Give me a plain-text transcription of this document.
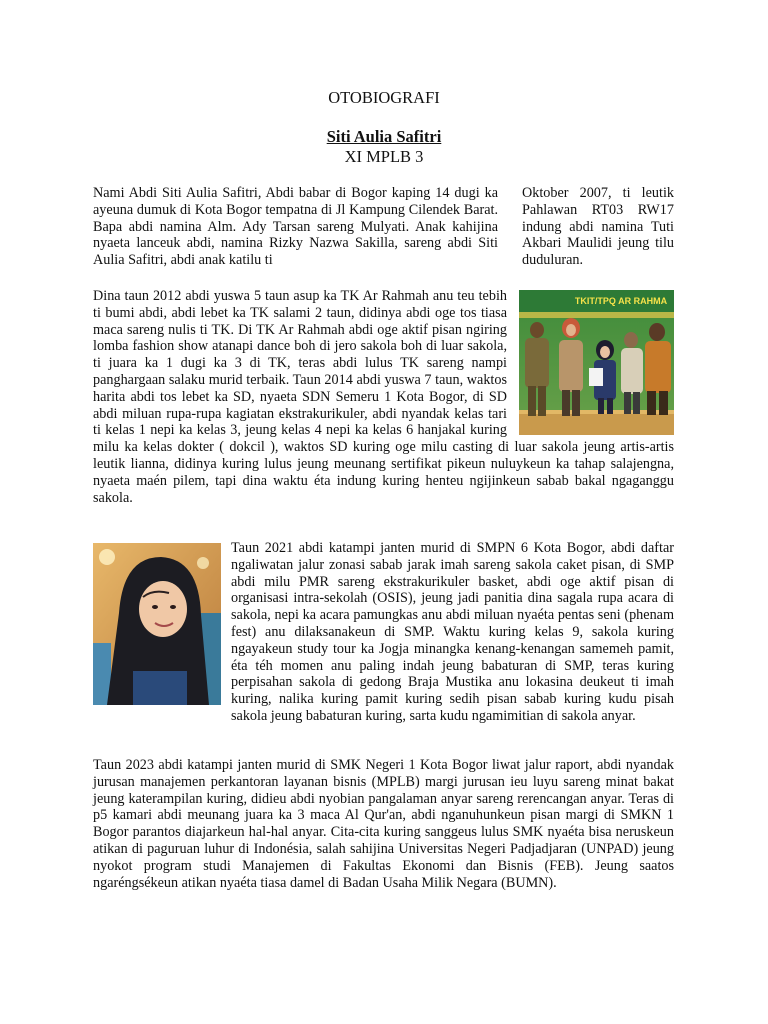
OTOBIOGRAFI
Siti Aulia Safitri
XI MPLB 3

Nami Abdi Siti Aulia Safitri, Abdi babar di Bogor kaping 14 dugi ka ayeuna dumuk di Kota Bogor tempatna di Jl Kampung Cilendek Barat. Bapa abdi namina Alm. Ady Tarsan sareng Mulyati. Anak kahijina nyaeta lanceuk abdi, namina Rizky Nazwa Sakilla, sareng abdi Siti Aulia Safitri, abdi anak katilu ti

Oktober 2007, ti leutik Pahlawan RT03 RW17 indung abdi namina Tuti Akbari Maulidi jeung tilu duduluran.

TKIT/TPQ AR RAHMA
Dina taun 2012 abdi yuswa 5 taun asup ka TK Ar Rahmah anu teu tebih ti bumi abdi, abdi lebet ka TK salami 2 taun, didinya abdi oge tos tiasa maca sareng nulis ti TK. Di TK Ar Rahmah abdi oge aktif pisan ngiring lomba fashion show atanapi dance boh di jero sakola boh di luar sakola, ti juara ka 1 dugi ka 3 di TK, teras abdi lulus TK sareng nampi panghargaan salaku murid terbaik. Taun 2014 abdi yuswa 7 taun, waktos harita abdi tos lebet ka SD, nyaeta SDN Semeru 1 Kota Bogor, di SD abdi miluan rupa-rupa kagiatan ekstrakurikuler, abdi nyandak kelas tari ti kelas 1 nepi ka kelas 3, jeung kelas 4 nepi ka kelas 6 hanjakal kuring milu ka kelas dokter ( dokcil ), waktos SD kuring oge milu casting di luar sakola jeung artis-artis leutik lianna, didinya kuring lulus jeung meunang sertifikat pikeun nuluykeun ka tahap salajengna, nyaeta maén pilem, tapi dina waktu éta indung kuring henteu ngijinkeun sabab bakal ngaganggu sakola.
Taun 2021 abdi katampi janten murid di SMPN 6 Kota Bogor, abdi daftar ngaliwatan jalur zonasi sabab jarak imah sareng sakola caket pisan, di SMP abdi milu PMR sareng ekstrakurikuler basket, abdi oge aktif pisan di organisasi intra-sekolah (OSIS), jeung jadi panitia dina sagala rupa acara di sakola, nepi ka acara pamungkas anu abdi miluan nyaéta pentas seni (phenam fest) anu dilaksanakeun di SMP. Waktu kuring kelas 9, sakola kuring ngayakeun study tour ka Jogja minangka kenang-kenangan samemeh pamit, éta téh momen anu paling indah jeung babaturan di SMP, teras kuring perpisahan sakola di gedong Braja Mustika anu lokasina deukeut ti imah kuring, nalika kuring pamit kuring sedih pisan sabab kuring kudu pisah sakola jeung babaturan kuring, sarta kudu ngamimitian di sakola anyar.

Taun 2023 abdi katampi janten murid di SMK Negeri 1 Kota Bogor liwat jalur raport, abdi nyandak jurusan manajemen perkantoran layanan bisnis (MPLB) margi jurusan ieu luyu sareng minat bakat jeung katerampilan kuring, didieu abdi nyobian pangalaman anyar sareng rerencangan anyar. Teras di p5 kamari abdi meunang juara ka 3 maca Al Qur'an, abdi nganuhunkeun pisan margi di SMKN 1 Bogor parantos diajarkeun hal-hal anyar. Cita-cita kuring sanggeus lulus SMK nyaéta bisa neruskeun atikan di paguruan luhur di Indonésia, salah sahijina Universitas Negeri Padjadjaran (UNPAD) jeung nyokot program studi Manajemen di Fakultas Ekonomi dan Bisnis (FEB). Jeung saatos ngaréngsékeun atikan nyaéta tiasa damel di Badan Usaha Milik Negara (BUMN).
